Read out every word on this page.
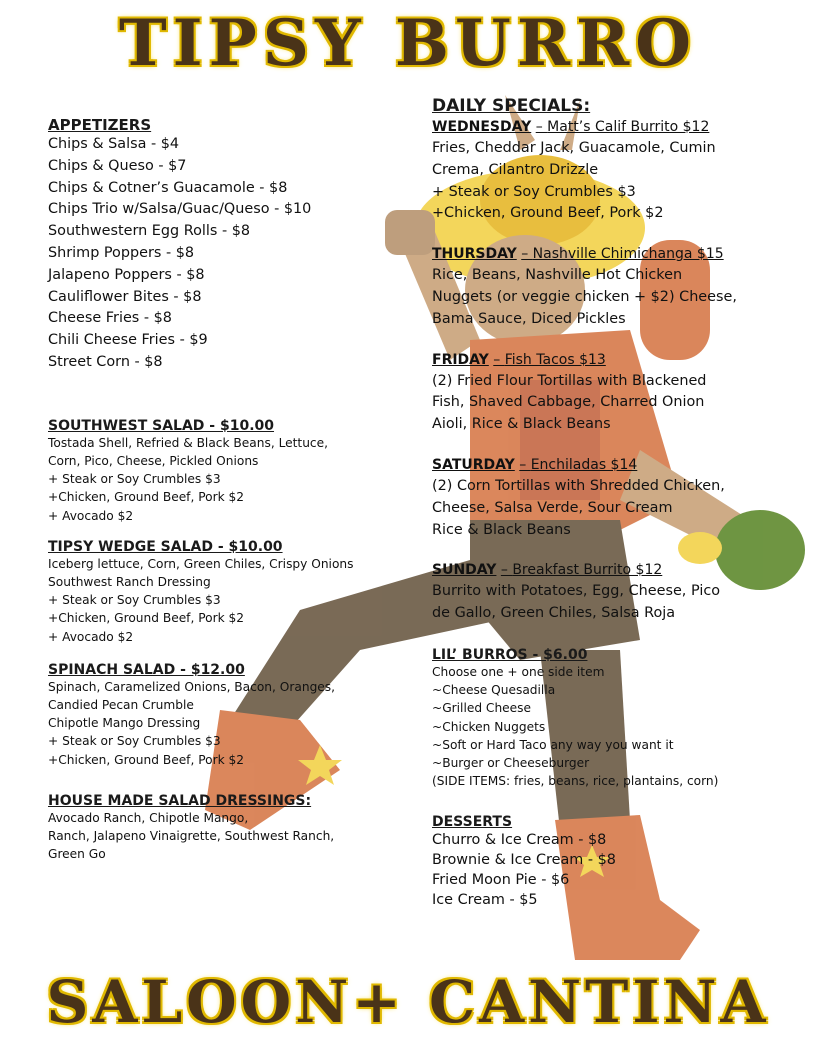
TIPSY BURRO
APPETIZERS
Chips & Salsa - $4
Chips & Queso - $7
Chips & Cotner’s Guacamole - $8
Chips Trio w/Salsa/Guac/Queso - $10
Southwestern Egg Rolls - $8
Shrimp Poppers - $8
Jalapeno Poppers - $8
Cauliflower Bites - $8
Cheese Fries - $8
Chili Cheese Fries - $9
Street Corn - $8
SOUTHWEST SALAD - $10.00
Tostada Shell, Refried & Black Beans, Lettuce,
Corn, Pico, Cheese, Pickled Onions
+ Steak or Soy Crumbles $3
+Chicken, Ground Beef, Pork $2
+ Avocado $2
TIPSY WEDGE SALAD - $10.00
Iceberg lettuce, Corn, Green Chiles, Crispy Onions
Southwest Ranch Dressing
+ Steak or Soy Crumbles $3
+Chicken, Ground Beef, Pork $2
+ Avocado $2
SPINACH SALAD - $12.00
Spinach, Caramelized Onions, Bacon, Oranges,
Candied Pecan Crumble
Chipotle Mango Dressing
+ Steak or Soy Crumbles $3
+Chicken, Ground Beef, Pork $2
HOUSE MADE SALAD DRESSINGS:
Avocado Ranch, Chipotle Mango,
Ranch, Jalapeno Vinaigrette, Southwest Ranch,
Green Go
DAILY SPECIALS:

WEDNESDAY – Matt’s Calif Burrito $12

Fries, Cheddar Jack, Guacamole, Cumin
Crema, Cilantro Drizzle
+ Steak or Soy Crumbles $3
+Chicken, Ground Beef, Pork $2

THURSDAY – Nashville Chimichanga $15

Rice, Beans, Nashville Hot Chicken
Nuggets (or veggie chicken + $2) Cheese,
Bama Sauce, Diced Pickles

FRIDAY – Fish Tacos $13

(2) Fried Flour Tortillas with Blackened
Fish, Shaved Cabbage, Charred Onion
Aioli, Rice & Black Beans

SATURDAY – Enchiladas $14

(2) Corn Tortillas with Shredded Chicken,
Cheese, Salsa Verde, Sour Cream
Rice & Black Beans

SUNDAY – Breakfast Burrito $12

Burrito with Potatoes, Egg, Cheese, Pico
de Gallo, Green Chiles, Salsa Roja

LIL’ BURROS - $6.00
Choose one + one side item
~Cheese Quesadilla
~Grilled Cheese
~Chicken Nuggets
~Soft or Hard Taco any way you want it
~Burger or Cheeseburger
(SIDE ITEMS: fries, beans, rice, plantains, corn)
DESSERTS
Churro & Ice Cream - $8
Brownie & Ice Cream - $8
Fried Moon Pie - $6
Ice Cream - $5
SALOON+ CANTINA
